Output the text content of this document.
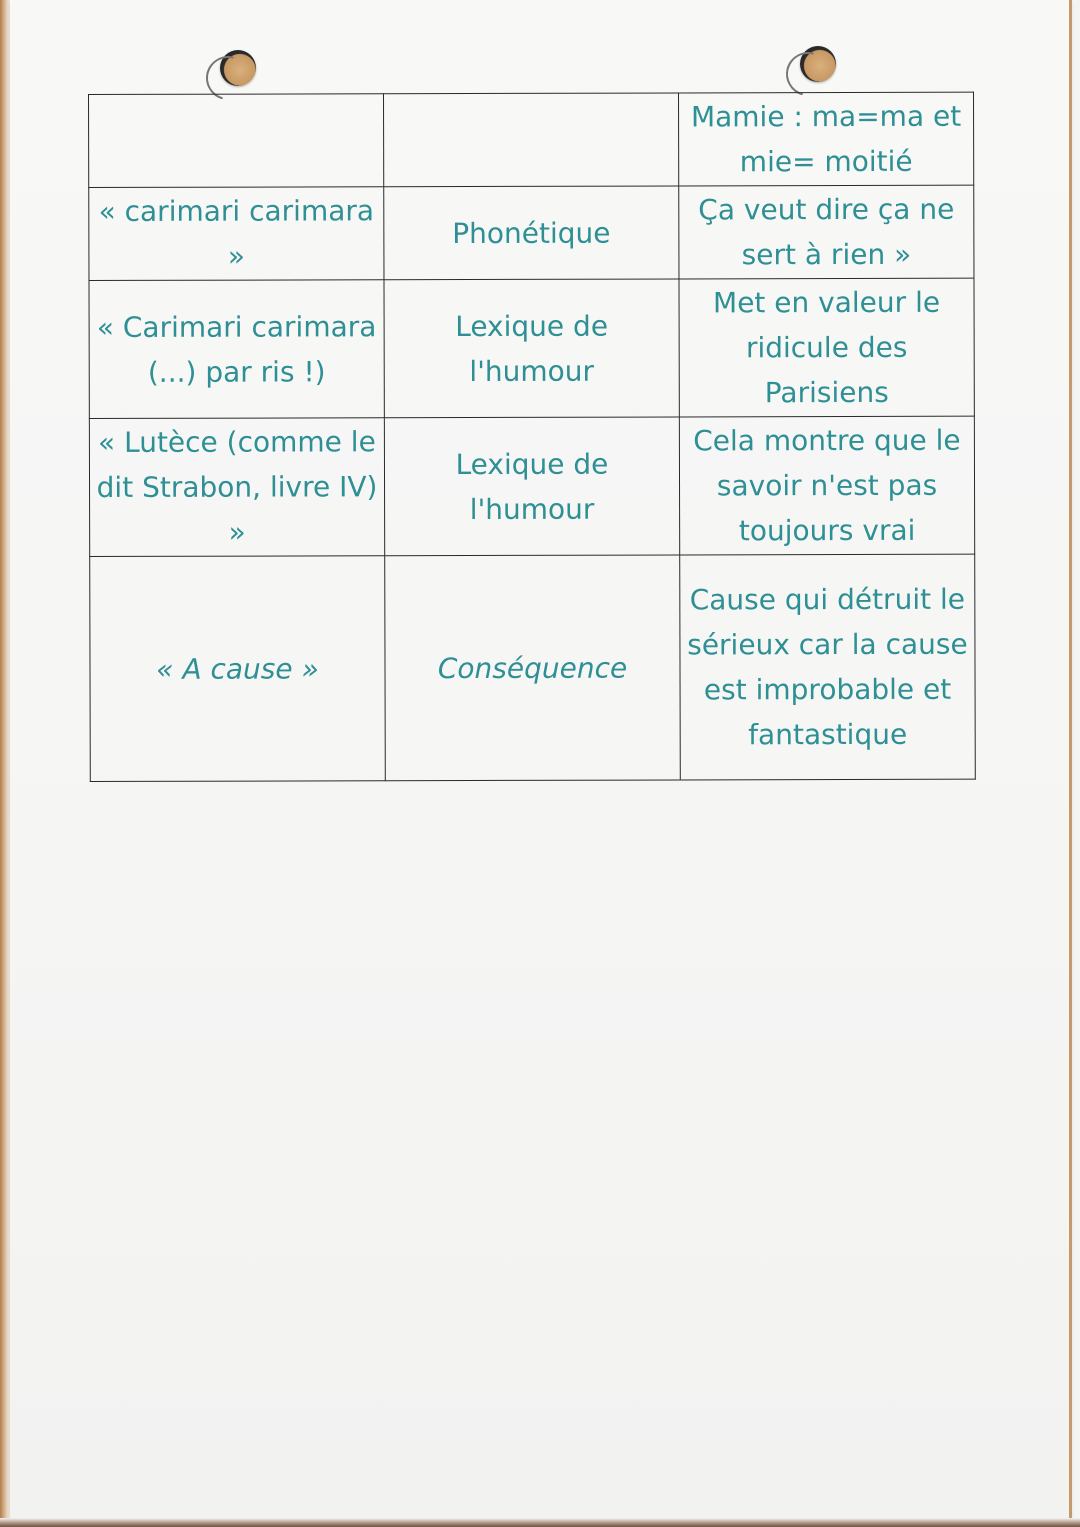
		Mamie : ma=ma et mie= moitié
« carimari carimara »	Phonétique	Ça veut dire ça ne sert à rien »
« Carimari carimara (...) par ris !)	Lexique de l'humour	Met en valeur le ridicule des Parisiens
« Lutèce (comme le dit Strabon, livre IV) »	Lexique de l'humour	Cela montre que le savoir n'est pas toujours vrai
« A cause »	Conséquence	Cause qui détruit le sérieux car la cause est improbable et fantastique
